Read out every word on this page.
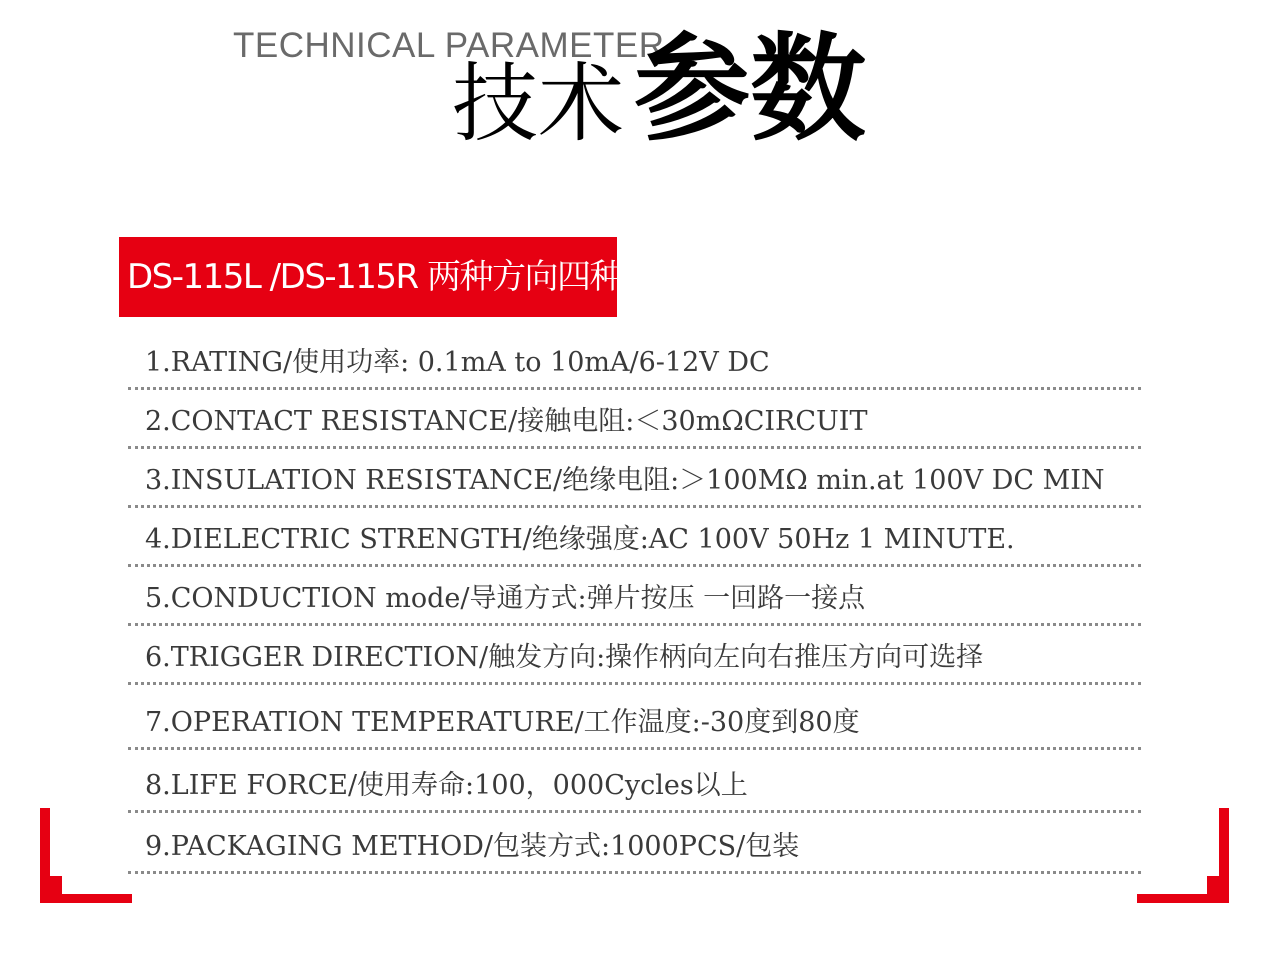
TECHNICAL PARAMETER
技术 参数
DS-115L /DS-115R 两种方向四种脚位
1.RATING/使用功率: 0.1mA to 10mA/6-12V DC
2.CONTACT RESISTANCE/接触电阻:＜30mΩCIRCUIT
3.INSULATION RESISTANCE/绝缘电阻:＞100MΩ min.at 100V DC MIN
4.DIELECTRIC STRENGTH/绝缘强度:AC 100V 50Hz 1 MINUTE.
5.CONDUCTION mode/导通方式:弹片按压 一回路一接点
6.TRIGGER DIRECTION/触发方向:操作柄向左向右推压方向可选择
7.OPERATION TEMPERATURE/工作温度:-30度到80度
8.LIFE FORCE/使用寿命:100，000Cycles以上
9.PACKAGING METHOD/包装方式:1000PCS/包装
